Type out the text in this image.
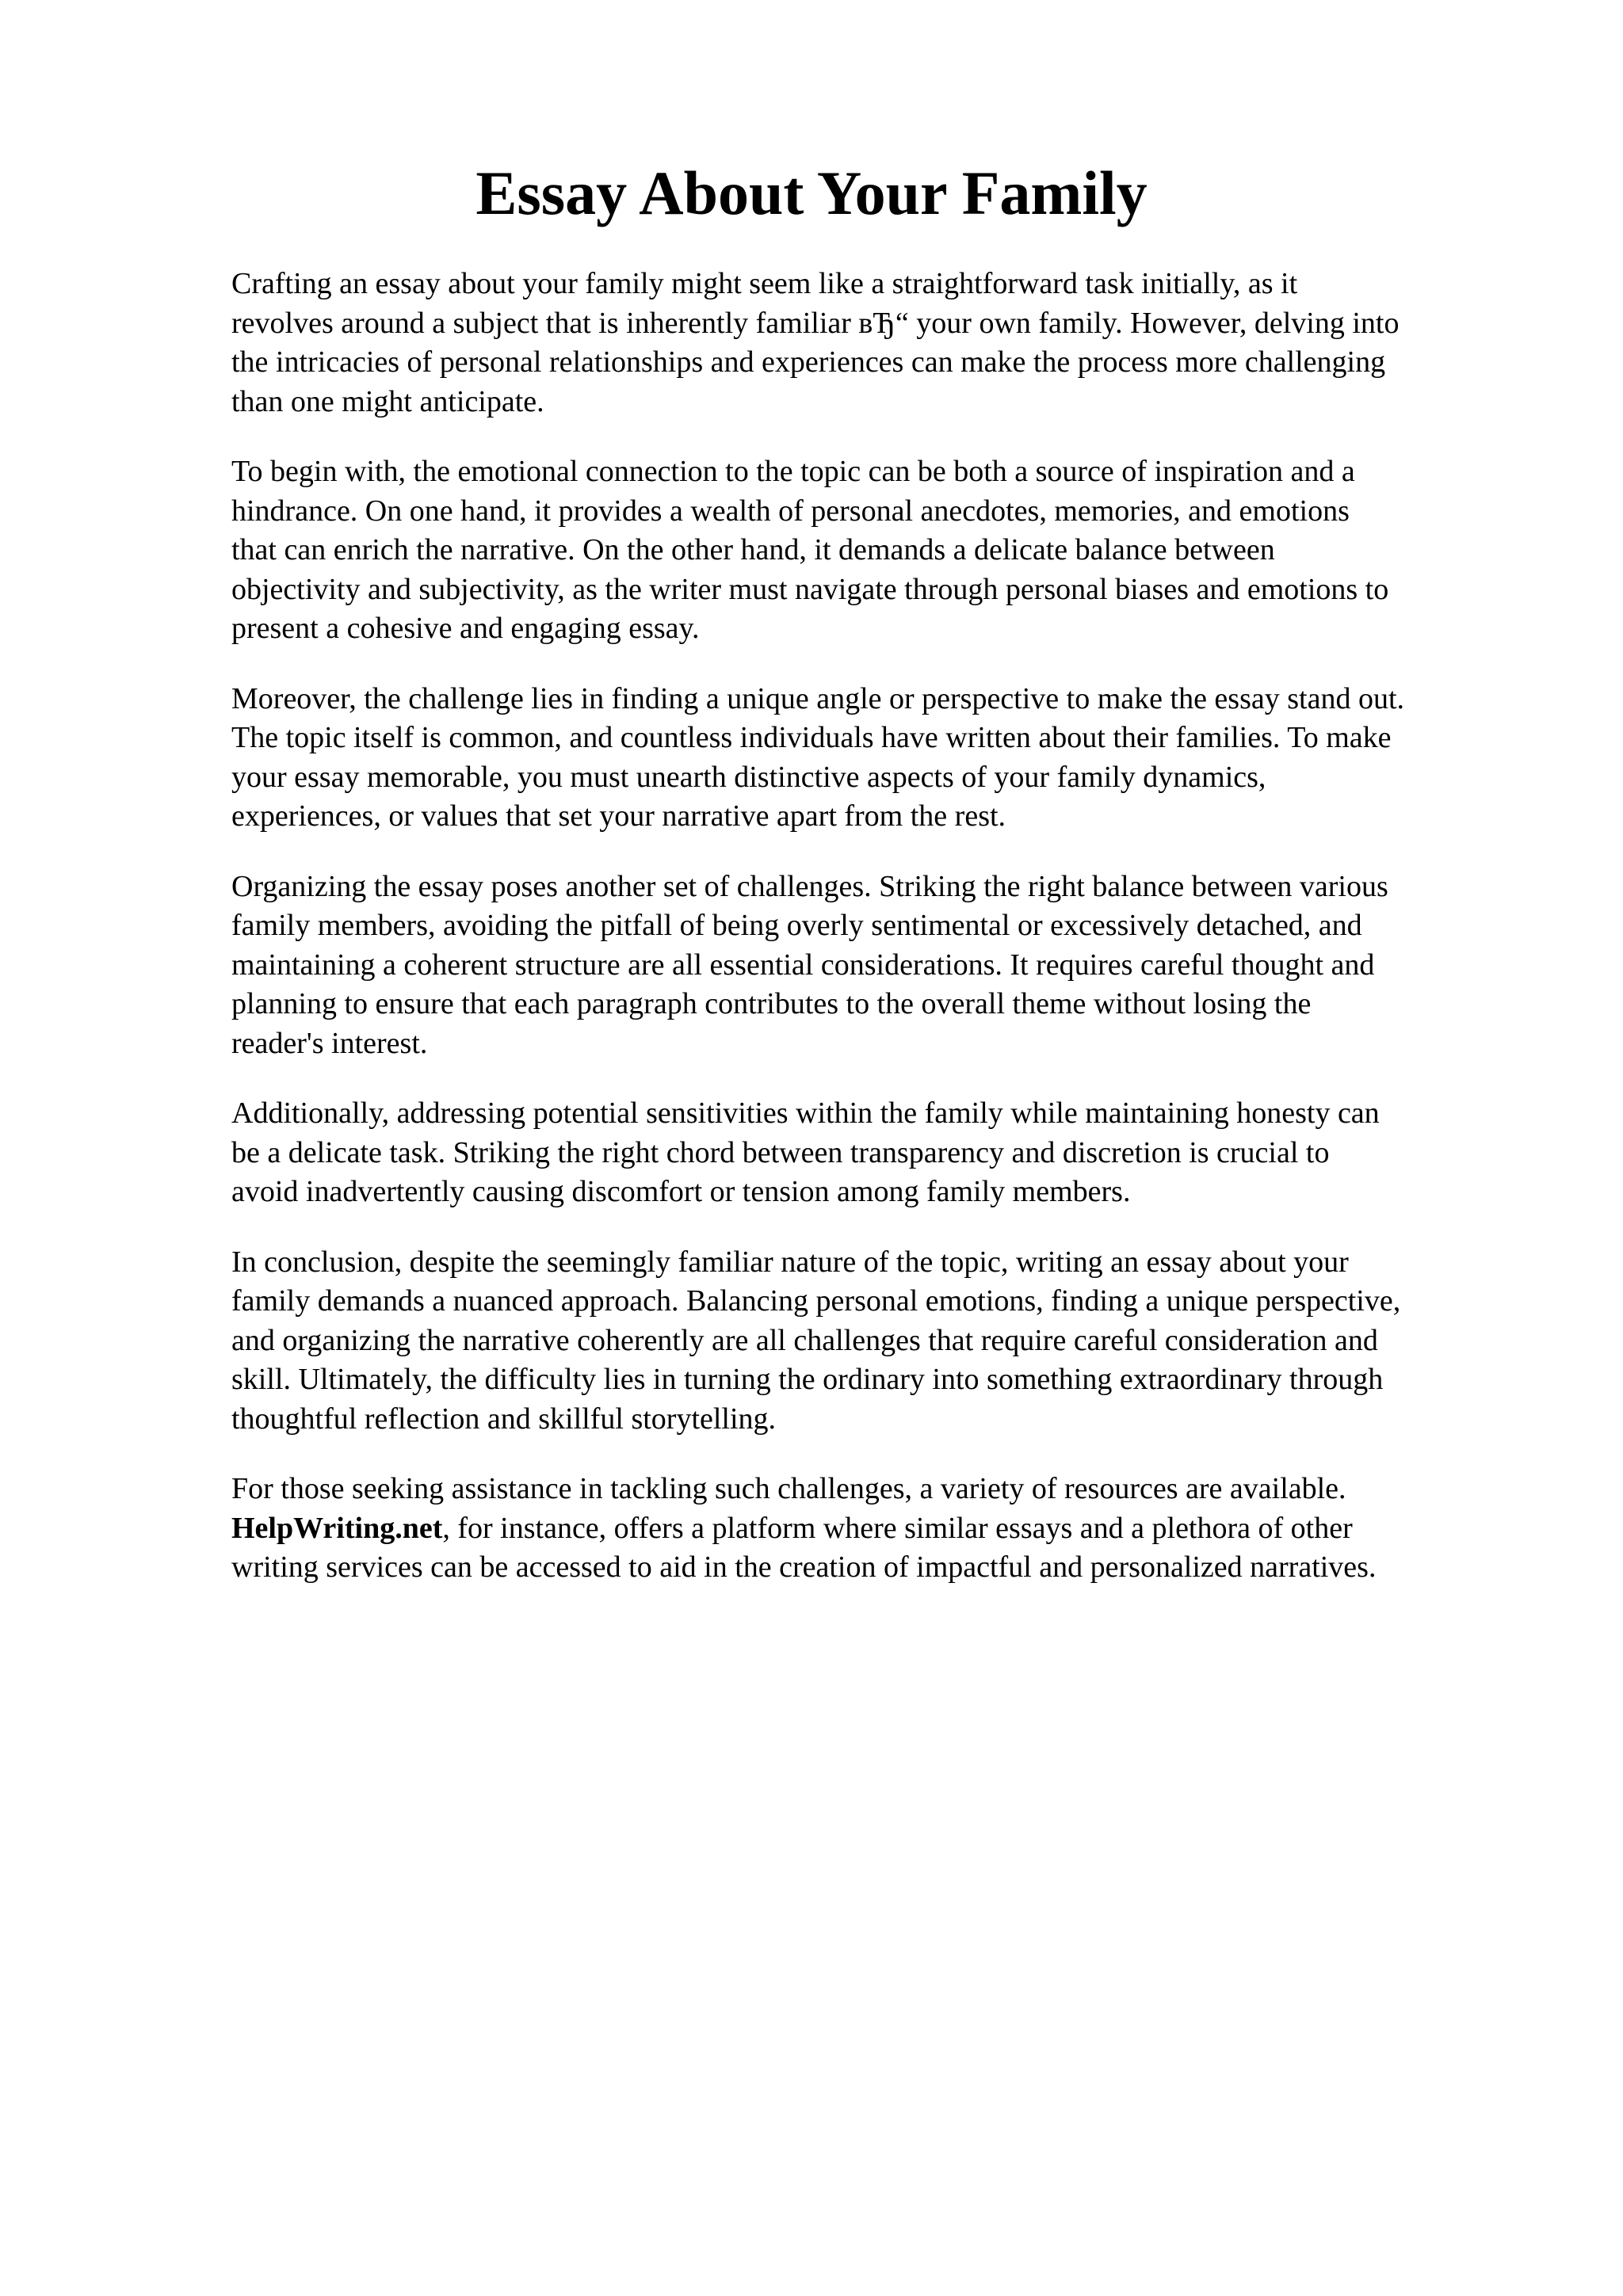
Essay About Your Family

Crafting an essay about your family might seem like a straightforward task initially, as it
revolves around a subject that is inherently familiar вЂ“ your own family. However, delving into
the intricacies of personal relationships and experiences can make the process more challenging
than one might anticipate.

To begin with, the emotional connection to the topic can be both a source of inspiration and a
hindrance. On one hand, it provides a wealth of personal anecdotes, memories, and emotions
that can enrich the narrative. On the other hand, it demands a delicate balance between
objectivity and subjectivity, as the writer must navigate through personal biases and emotions to
present a cohesive and engaging essay.

Moreover, the challenge lies in finding a unique angle or perspective to make the essay stand out.
The topic itself is common, and countless individuals have written about their families. To make
your essay memorable, you must unearth distinctive aspects of your family dynamics,
experiences, or values that set your narrative apart from the rest.

Organizing the essay poses another set of challenges. Striking the right balance between various
family members, avoiding the pitfall of being overly sentimental or excessively detached, and
maintaining a coherent structure are all essential considerations. It requires careful thought and
planning to ensure that each paragraph contributes to the overall theme without losing the
reader's interest.

Additionally, addressing potential sensitivities within the family while maintaining honesty can
be a delicate task. Striking the right chord between transparency and discretion is crucial to
avoid inadvertently causing discomfort or tension among family members.

In conclusion, despite the seemingly familiar nature of the topic, writing an essay about your
family demands a nuanced approach. Balancing personal emotions, finding a unique perspective,
and organizing the narrative coherently are all challenges that require careful consideration and
skill. Ultimately, the difficulty lies in turning the ordinary into something extraordinary through
thoughtful reflection and skillful storytelling.

For those seeking assistance in tackling such challenges, a variety of resources are available.
HelpWriting.net, for instance, offers a platform where similar essays and a plethora of other
writing services can be accessed to aid in the creation of impactful and personalized narratives.
